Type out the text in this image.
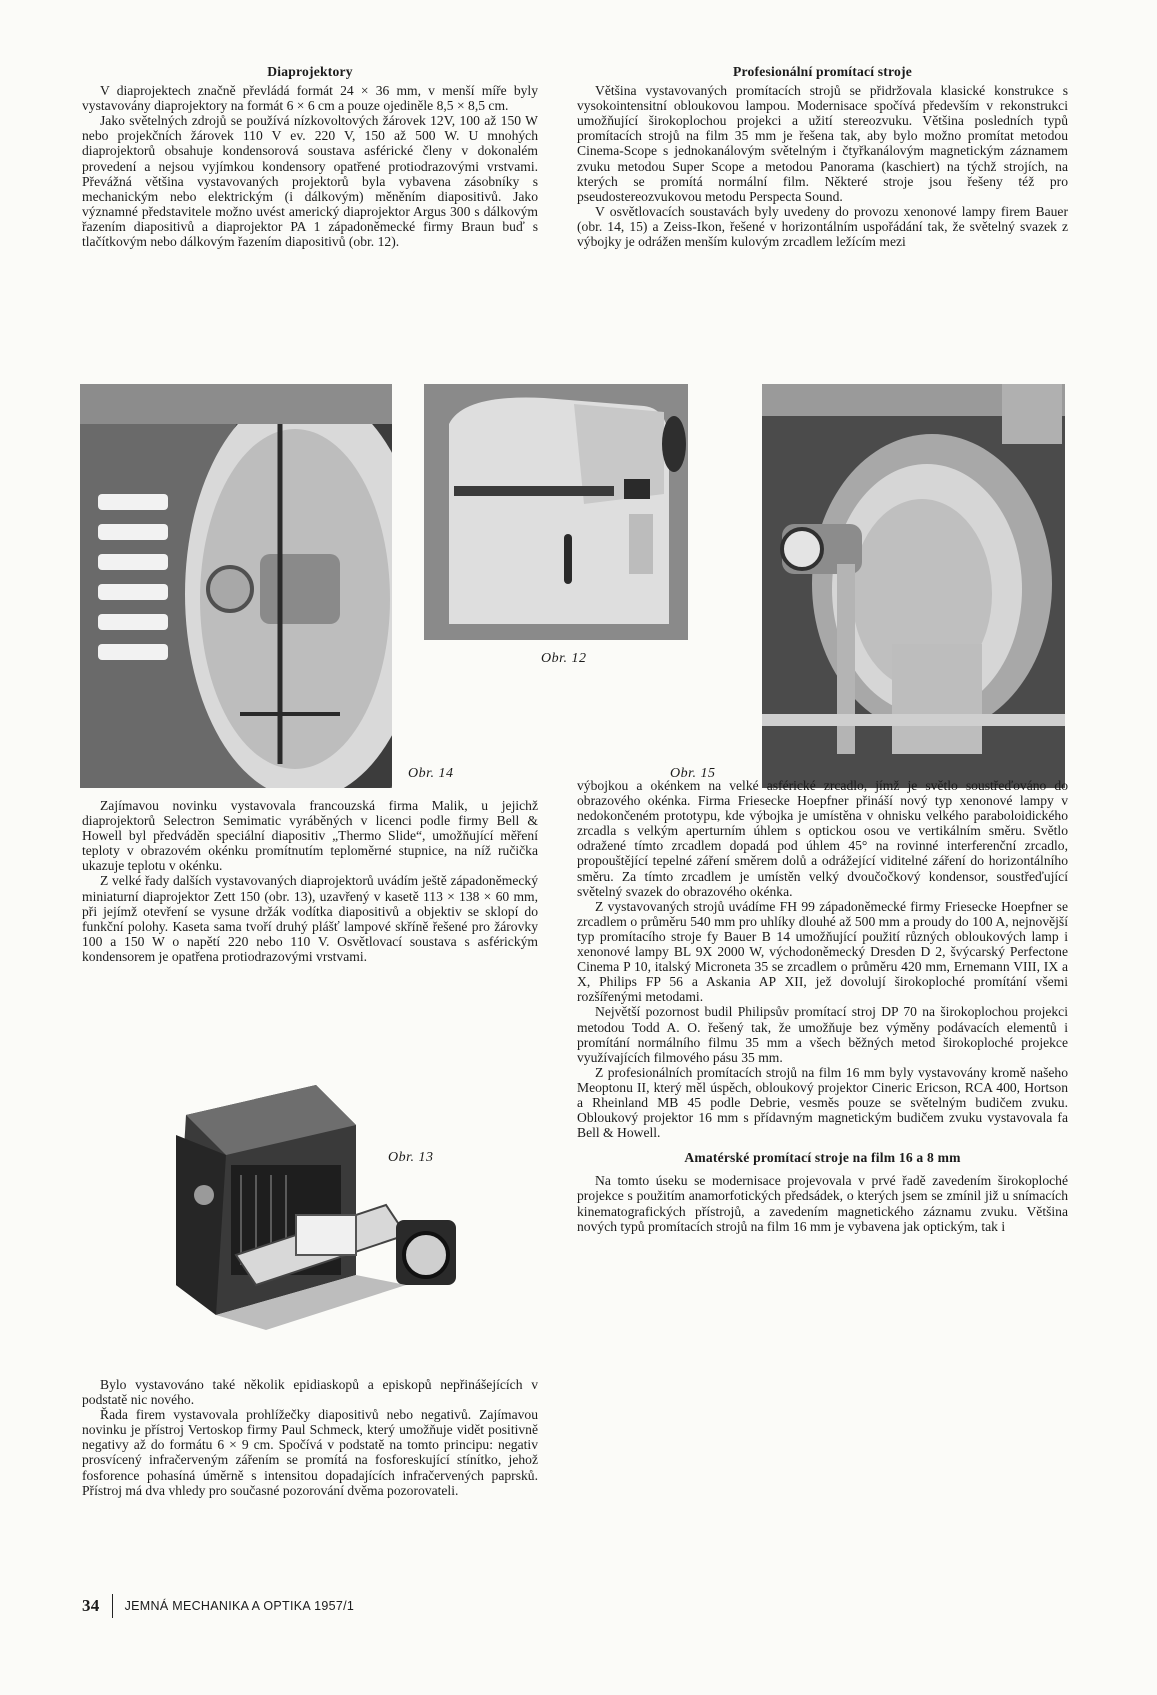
Diaprojektory

V diaprojektech značně převládá formát 24 × 36 mm, v menší míře byly vystavovány diaprojektory na formát 6 × 6 cm a pouze ojediněle 8,5 × 8,5 cm.

Jako světelných zdrojů se používá nízkovoltových žárovek 12V, 100 až 150 W nebo projekčních žárovek 110 V ev. 220 V, 150 až 500 W. U mnohých diaprojektorů obsahuje kondensorová soustava asférické členy v dokonalém provedení a nejsou vyjímkou kondensory opatřené protiodrazovými vrstvami. Převážná většina vystavovaných projektorů byla vybavena zásobníky s mechanickým nebo elektrickým (i dálkovým) měněním diapositivů. Jako významné představitele možno uvést americký diaprojektor Argus 300 s dálkovým řazením diapositivů a diaprojektor PA 1 západoněmecké firmy Braun buď s tlačítkovým nebo dálkovým řazením diapositivů (obr. 12).

Profesionální promítací stroje

Většina vystavovaných promítacích strojů se přidržovala klasické konstrukce s vysokointensitní obloukovou lampou. Modernisace spočívá především v rekonstrukci umožňující širokoplochou projekci a užití stereozvuku. Většina posledních typů promítacích strojů na film 35 mm je řešena tak, aby bylo možno promítat metodou Cinema-Scope s jednokanálovým světelným i čtyřkanálovým magnetickým záznamem zvuku metodou Super Scope a metodou Panorama (kaschiert) na týchž strojích, na kterých se promítá normální film. Některé stroje jsou řešeny též pro pseudostereozvukovou metodu Perspecta Sound.

V osvětlovacích soustavách byly uvedeny do provozu xenonové lampy firem Bauer (obr. 14, 15) a Zeiss-Ikon, řešené v horizontálním uspořádání tak, že světelný svazek z výbojky je odrážen menším kulovým zrcadlem ležícím mezi

Obr. 14
Obr. 12
Obr. 15

Zajímavou novinku vystavovala francouzská firma Malik, u jejichž diaprojektorů Selectron Semimatic vyráběných v licenci podle firmy Bell & Howell byl předváděn speciální diapositiv „Thermo Slide“, umožňující měření teploty v obrazovém okénku promítnutím teploměrné stupnice, na níž ručička ukazuje teplotu v okénku.

Z velké řady dalších vystavovaných diaprojektorů uvádím ještě západoněmecký miniaturní diaprojektor Zett 150 (obr. 13), uzavřený v kasetě 113 × 138 × 60 mm, při jejímž otevření se vysune držák vodítka diapositivů a objektiv se sklopí do funkční polohy. Kaseta sama tvoří druhý plášť lampové skříně řešené pro žárovky 100 a 150 W o napětí 220 nebo 110 V. Osvětlovací soustava s asférickým kondensorem je opatřena protiodrazovými vrstvami.

Obr. 13

Bylo vystavováno také několik epidiaskopů a episkopů nepřinášejících v podstatě nic nového.

Řada firem vystavovala prohlížečky diapositivů nebo negativů. Zajímavou novinku je přístroj Vertoskop firmy Paul Schmeck, který umožňuje vidět positivně negativy až do formátu 6 × 9 cm. Spočívá v podstatě na tomto principu: negativ prosvícený infračerveným zářením se promítá na fosforeskující stínítko, jehož fosforence pohasíná úměrně s intensitou dopadajících infračervených paprsků. Přístroj má dva vhledy pro současné pozorování dvěma pozorovateli.

výbojkou a okénkem na velké asférické zrcadlo, jímž je světlo soustřeďováno do obrazového okénka. Firma Friesecke Hoepfner přináší nový typ xenonové lampy v nedokončeném prototypu, kde výbojka je umístěna v ohnisku velkého paraboloidického zrcadla s velkým aperturním úhlem s optickou osou ve vertikálním směru. Světlo odražené tímto zrcadlem dopadá pod úhlem 45° na rovinné interferenční zrcadlo, propouštějící tepelné záření směrem dolů a odrážející viditelné záření do horizontálního směru. Za tímto zrcadlem je umístěn velký dvoučočkový kondensor, soustřeďující světelný svazek do obrazového okénka.

Z vystavovaných strojů uvádíme FH 99 západoněmecké firmy Friesecke Hoepfner se zrcadlem o průměru 540 mm pro uhlíky dlouhé až 500 mm a proudy do 100 A, nejnovější typ promítacího stroje fy Bauer B 14 umožňující použití různých obloukových lamp i xenonové lampy BL 9X 2000 W, východoněmecký Dresden D 2, švýcarský Perfectone Cinema P 10, italský Microneta 35 se zrcadlem o průměru 420 mm, Ernemann VIII, IX a X, Philips FP 56 a Askania AP XII, jež dovolují širokoploché promítání všemi rozšířenými metodami.

Největší pozornost budil Philipsův promítací stroj DP 70 na širokoplochou projekci metodou Todd A. O. řešený tak, že umožňuje bez výměny podávacích elementů i promítání normálního filmu 35 mm a všech běžných metod širokoploché projekce využívajících filmového pásu 35 mm.

Z profesionálních promítacích strojů na film 16 mm byly vystavovány kromě našeho Meoptonu II, který měl úspěch, obloukový projektor Cineric Ericson, RCA 400, Hortson a Rheinland MB 45 podle Debrie, vesměs pouze se světelným budičem zvuku. Obloukový projektor 16 mm s přídavným magnetickým budičem zvuku vystavovala fa Bell & Howell.

Amatérské promítací stroje na film 16 a 8 mm

Na tomto úseku se modernisace projevovala v prvé řadě zavedením širokoploché projekce s použitím anamorfotických předsádek, o kterých jsem se zmínil již u snímacích kinematografických přístrojů, a zavedením magnetického záznamu zvuku. Většina nových typů promítacích strojů na film 16 mm je vybavena jak optickým, tak i

34 JEMNÁ MECHANIKA A OPTIKA 1957/1
